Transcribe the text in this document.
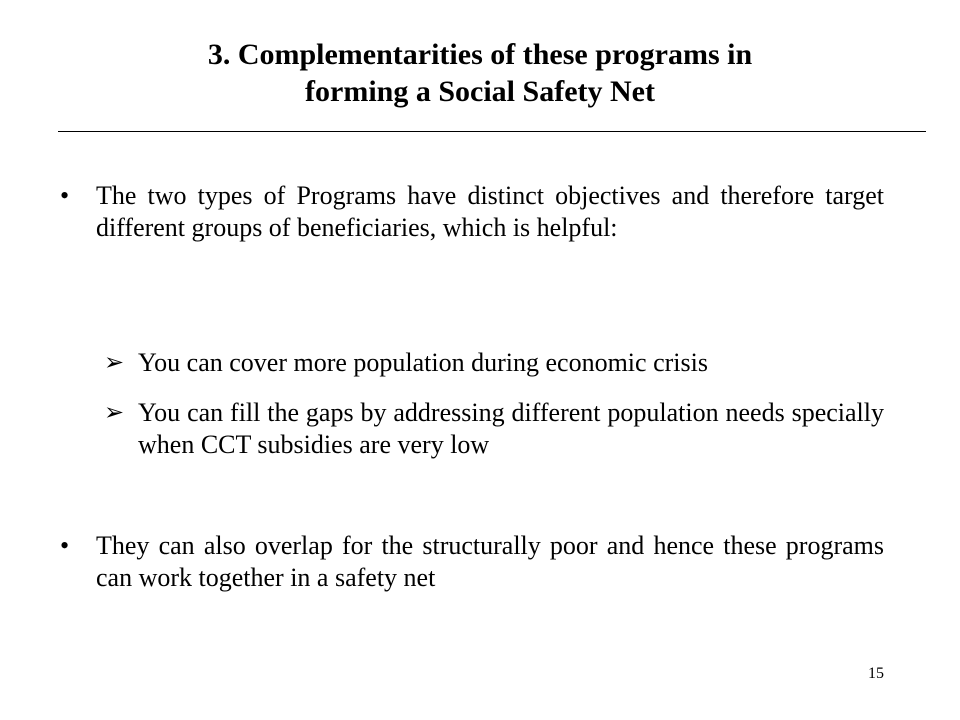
3. Complementarities of these programs in
forming a Social Safety Net
• The two types of Programs have distinct objectives and therefore target different groups of beneficiaries, which is helpful:
➢ You can cover more population during economic crisis
➢ You can fill the gaps by addressing different population needs specially when CCT subsidies are very low
• They can also overlap for the structurally poor and hence these programs can work together in a safety net
15
